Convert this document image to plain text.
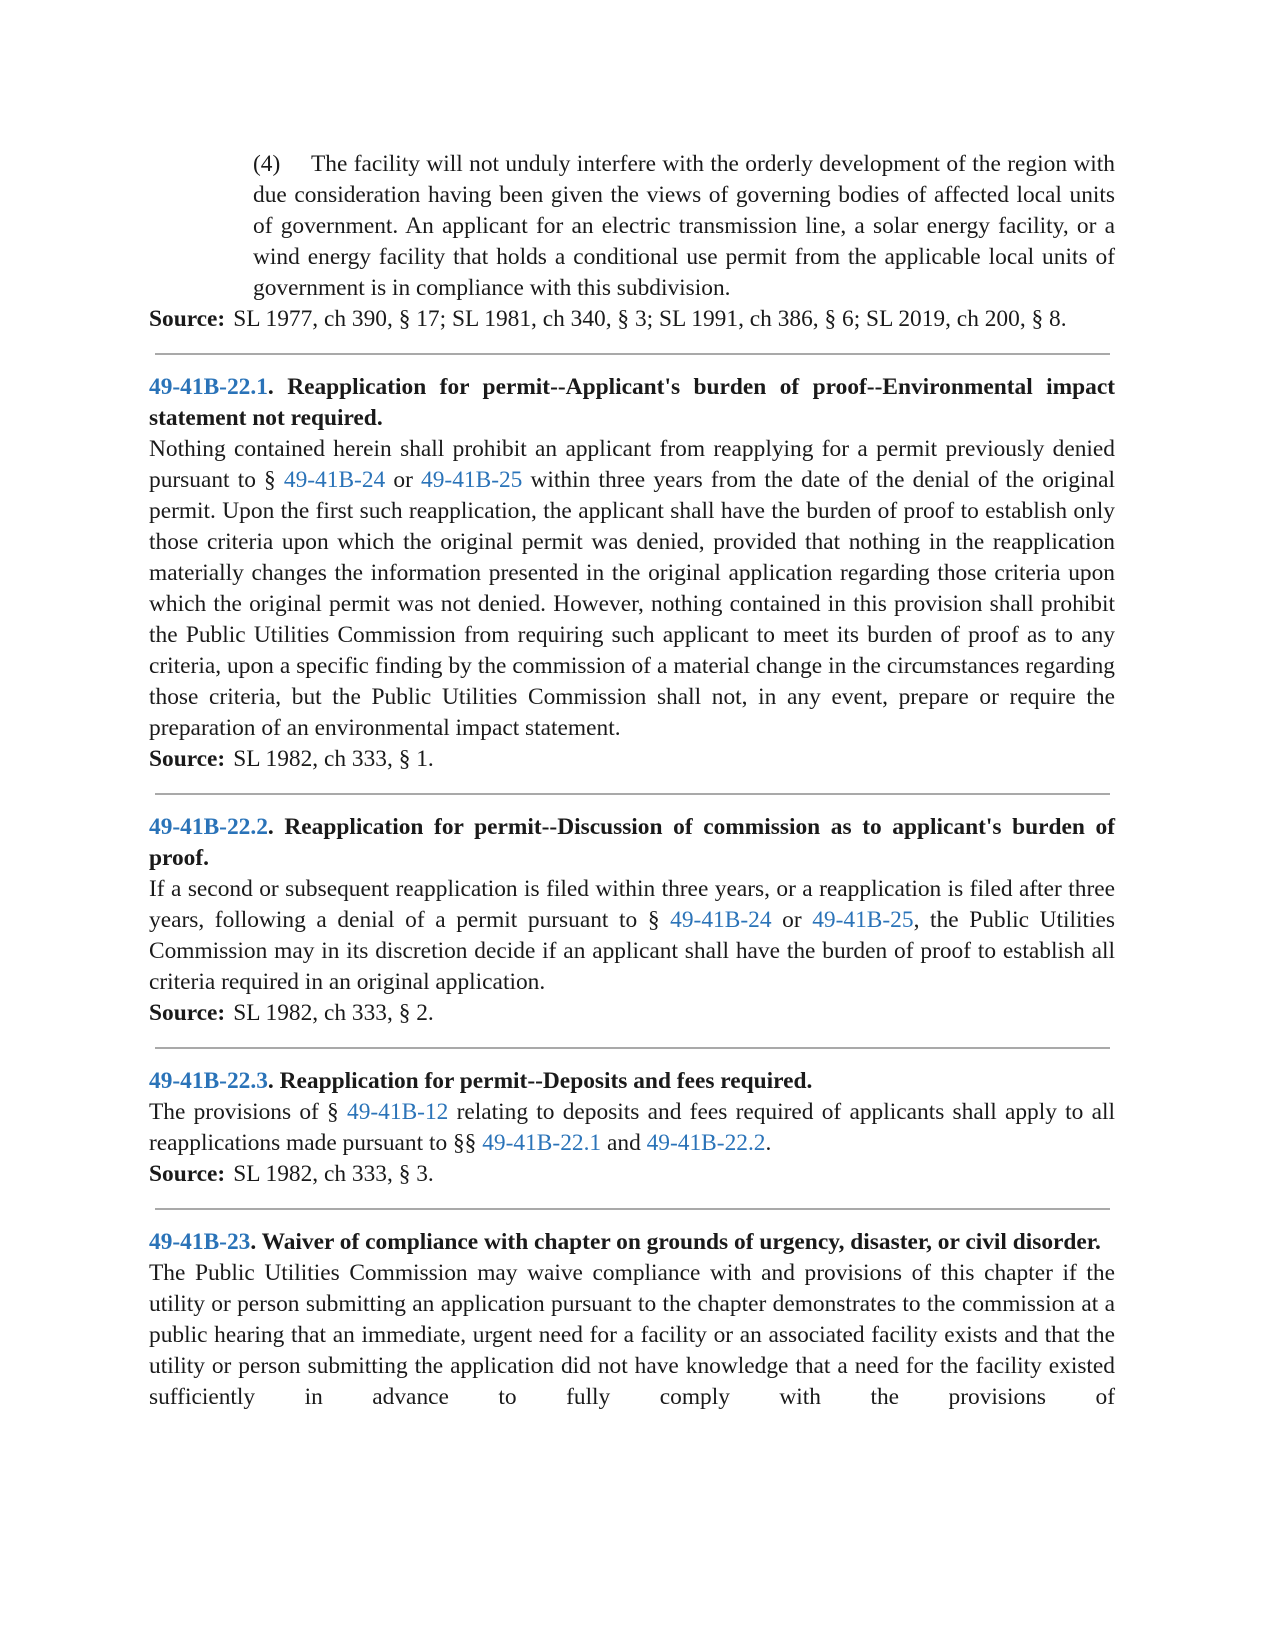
(4) The facility will not unduly interfere with the orderly development of the region with due consideration having been given the views of governing bodies of affected local units of government. An applicant for an electric transmission line, a solar energy facility, or a wind energy facility that holds a conditional use permit from the applicable local units of government is in compliance with this subdivision.

Source: SL 1977, ch 390, § 17; SL 1981, ch 340, § 3; SL 1991, ch 386, § 6; SL 2019, ch 200, § 8.

49-41B-22.1. Reapplication for permit--Applicant's burden of proof--Environmental impact statement not required.

Nothing contained herein shall prohibit an applicant from reapplying for a permit previously denied pursuant to § 49-41B-24 or 49-41B-25 within three years from the date of the denial of the original permit. Upon the first such reapplication, the applicant shall have the burden of proof to establish only those criteria upon which the original permit was denied, provided that nothing in the reapplication materially changes the information presented in the original application regarding those criteria upon which the original permit was not denied. However, nothing contained in this provision shall prohibit the Public Utilities Commission from requiring such applicant to meet its burden of proof as to any criteria, upon a specific finding by the commission of a material change in the circumstances regarding those criteria, but the Public Utilities Commission shall not, in any event, prepare or require the preparation of an environmental impact statement.

Source: SL 1982, ch 333, § 1.

49-41B-22.2. Reapplication for permit--Discussion of commission as to applicant's burden of proof.

If a second or subsequent reapplication is filed within three years, or a reapplication is filed after three years, following a denial of a permit pursuant to § 49-41B-24 or 49-41B-25, the Public Utilities Commission may in its discretion decide if an applicant shall have the burden of proof to establish all criteria required in an original application.

Source: SL 1982, ch 333, § 2.

49-41B-22.3. Reapplication for permit--Deposits and fees required.

The provisions of § 49-41B-12 relating to deposits and fees required of applicants shall apply to all reapplications made pursuant to §§ 49-41B-22.1 and 49-41B-22.2.

Source: SL 1982, ch 333, § 3.

49-41B-23. Waiver of compliance with chapter on grounds of urgency, disaster, or civil disorder.

The Public Utilities Commission may waive compliance with and provisions of this chapter if the utility or person submitting an application pursuant to the chapter demonstrates to the commission at a public hearing that an immediate, urgent need for a facility or an associated facility exists and that the utility or person submitting the application did not have knowledge that a need for the facility existed sufficiently in advance to fully comply with the provisions of
